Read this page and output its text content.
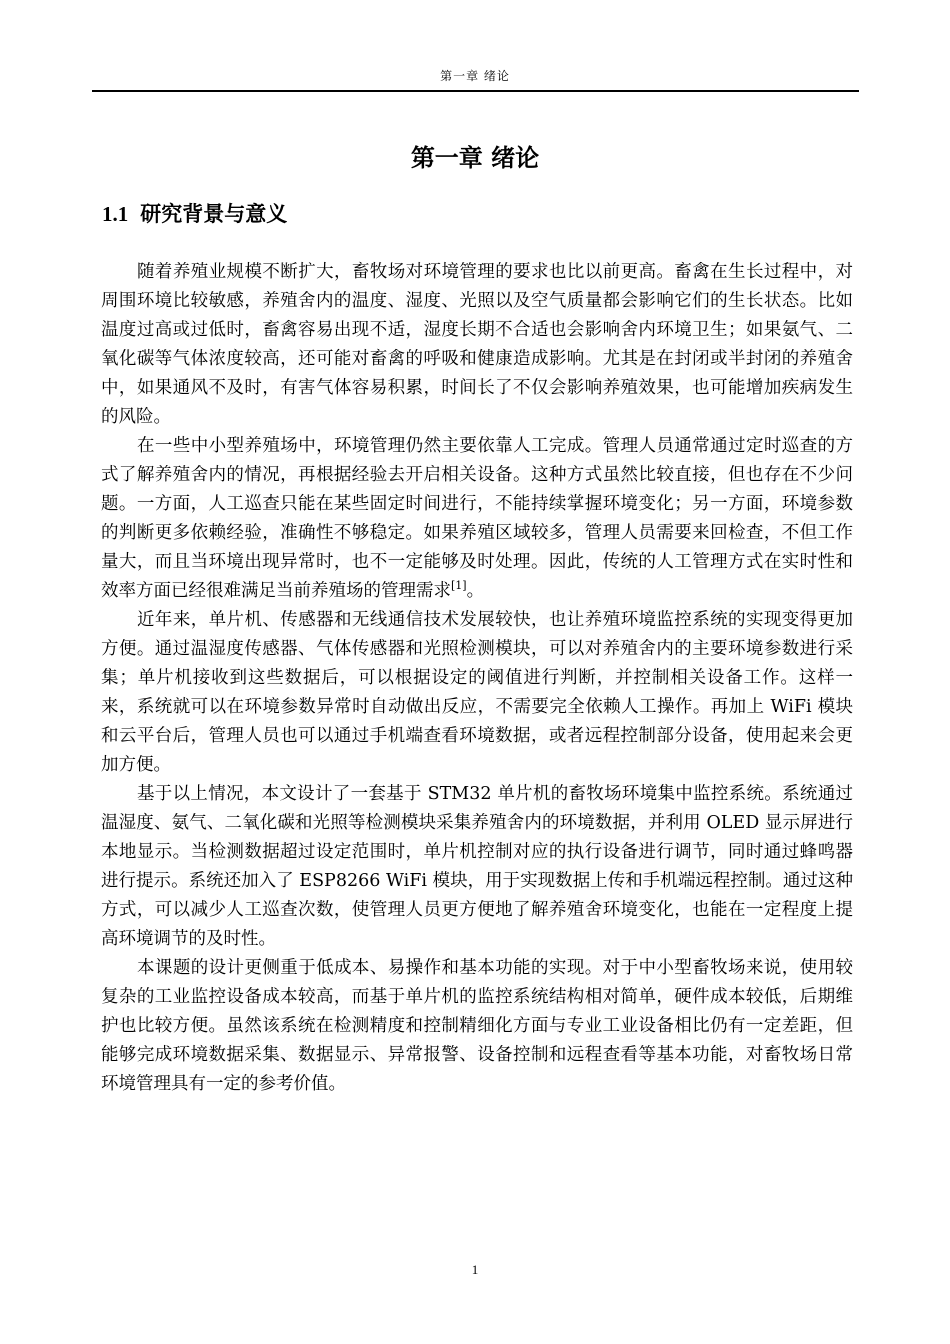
第一章 绪论
第一章 绪论
1.1 研究背景与意义

随着养殖业规模不断扩大，畜牧场对环境管理的要求也比以前更高。畜禽在生长过程中，对周围环境比较敏感，养殖舍内的温度、湿度、光照以及空气质量都会影响它们的生长状态。比如温度过高或过低时，畜禽容易出现不适，湿度长期不合适也会影响舍内环境卫生；如果氨气、二氧化碳等气体浓度较高，还可能对畜禽的呼吸和健康造成影响。尤其是在封闭或半封闭的养殖舍中，如果通风不及时，有害气体容易积累，时间长了不仅会影响养殖效果，也可能增加疾病发生的风险。

在一些中小型养殖场中，环境管理仍然主要依靠人工完成。管理人员通常通过定时巡查的方式了解养殖舍内的情况，再根据经验去开启相关设备。这种方式虽然比较直接，但也存在不少问题。一方面，人工巡查只能在某些固定时间进行，不能持续掌握环境变化；另一方面，环境参数的判断更多依赖经验，准确性不够稳定。如果养殖区域较多，管理人员需要来回检查，不但工作量大，而且当环境出现异常时，也不一定能够及时处理。因此，传统的人工管理方式在实时性和效率方面已经很难满足当前养殖场的管理需求[1]。

近年来，单片机、传感器和无线通信技术发展较快，也让养殖环境监控系统的实现变得更加方便。通过温湿度传感器、气体传感器和光照检测模块，可以对养殖舍内的主要环境参数进行采集；单片机接收到这些数据后，可以根据设定的阈值进行判断，并控制相关设备工作。这样一来，系统就可以在环境参数异常时自动做出反应，不需要完全依赖人工操作。再加上 WiFi 模块和云平台后，管理人员也可以通过手机端查看环境数据，或者远程控制部分设备，使用起来会更加方便。

基于以上情况，本文设计了一套基于 STM32 单片机的畜牧场环境集中监控系统。系统通过温湿度、氨气、二氧化碳和光照等检测模块采集养殖舍内的环境数据，并利用 OLED 显示屏进行本地显示。当检测数据超过设定范围时，单片机控制对应的执行设备进行调节，同时通过蜂鸣器进行提示。系统还加入了 ESP8266 WiFi 模块，用于实现数据上传和手机端远程控制。通过这种方式，可以减少人工巡查次数，使管理人员更方便地了解养殖舍环境变化，也能在一定程度上提高环境调节的及时性。

本课题的设计更侧重于低成本、易操作和基本功能的实现。对于中小型畜牧场来说，使用较复杂的工业监控设备成本较高，而基于单片机的监控系统结构相对简单，硬件成本较低，后期维护也比较方便。虽然该系统在检测精度和控制精细化方面与专业工业设备相比仍有一定差距，但能够完成环境数据采集、数据显示、异常报警、设备控制和远程查看等基本功能，对畜牧场日常环境管理具有一定的参考价值。

1
